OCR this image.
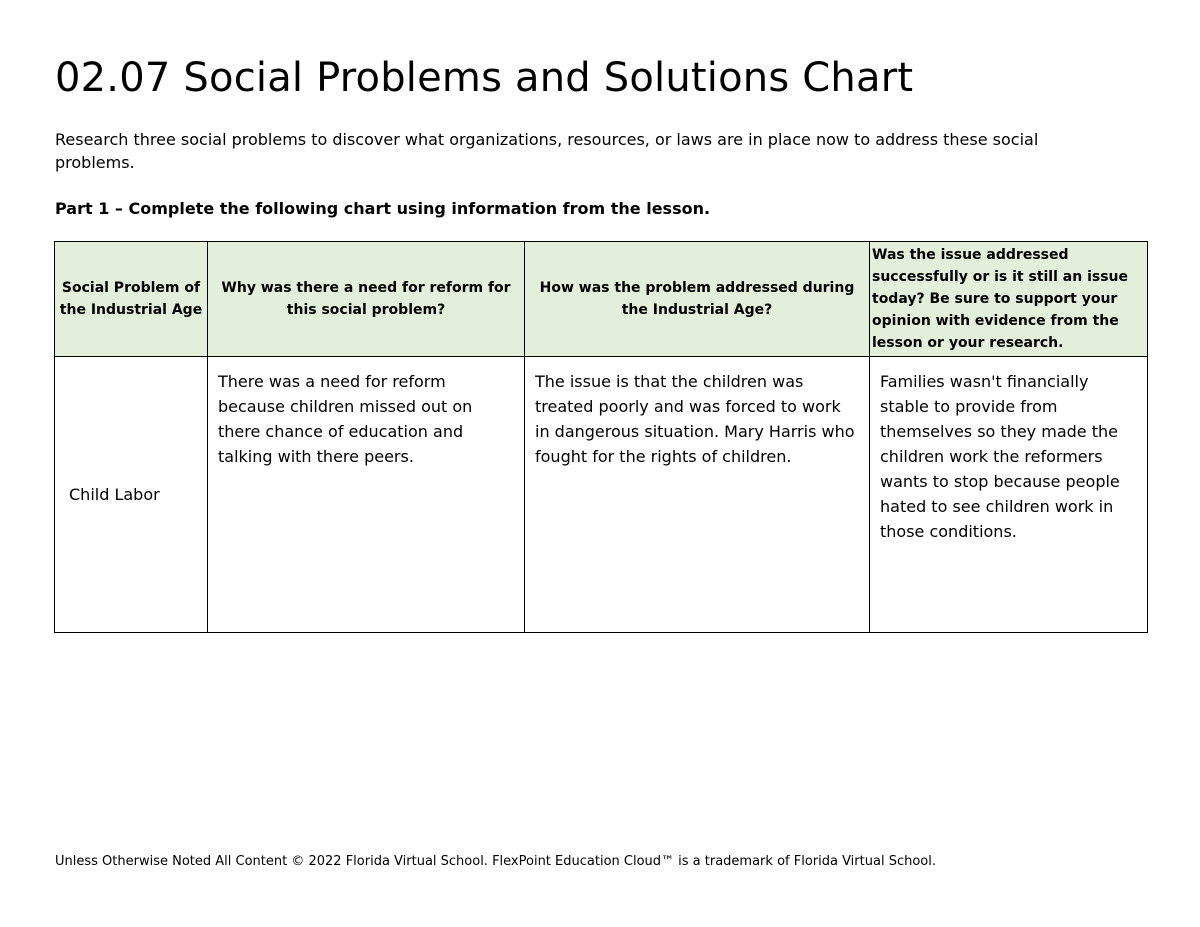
02.07 Social Problems and Solutions Chart

Research three social problems to discover what organizations, resources, or laws are in place now to address these social problems.

Part 1 – Complete the following chart using information from the lesson.

Social Problem of the Industrial Age	Why was there a need for reform for this social problem?	How was the problem addressed during the Industrial Age?	Was the issue addressed successfully or is it still an issue today? Be sure to support your opinion with evidence from the lesson or your research.
Child Labor	There was a need for reform because children missed out on there chance of education and talking with there peers.	The issue is that the children was treated poorly and was forced to work in dangerous situation. Mary Harris who fought for the rights of children.	Families wasn't financially stable to provide from themselves so they made the children work the reformers wants to stop because people hated to see children work in those conditions.

Unless Otherwise Noted All Content © 2022 Florida Virtual School. FlexPoint Education Cloud™ is a trademark of Florida Virtual School.
